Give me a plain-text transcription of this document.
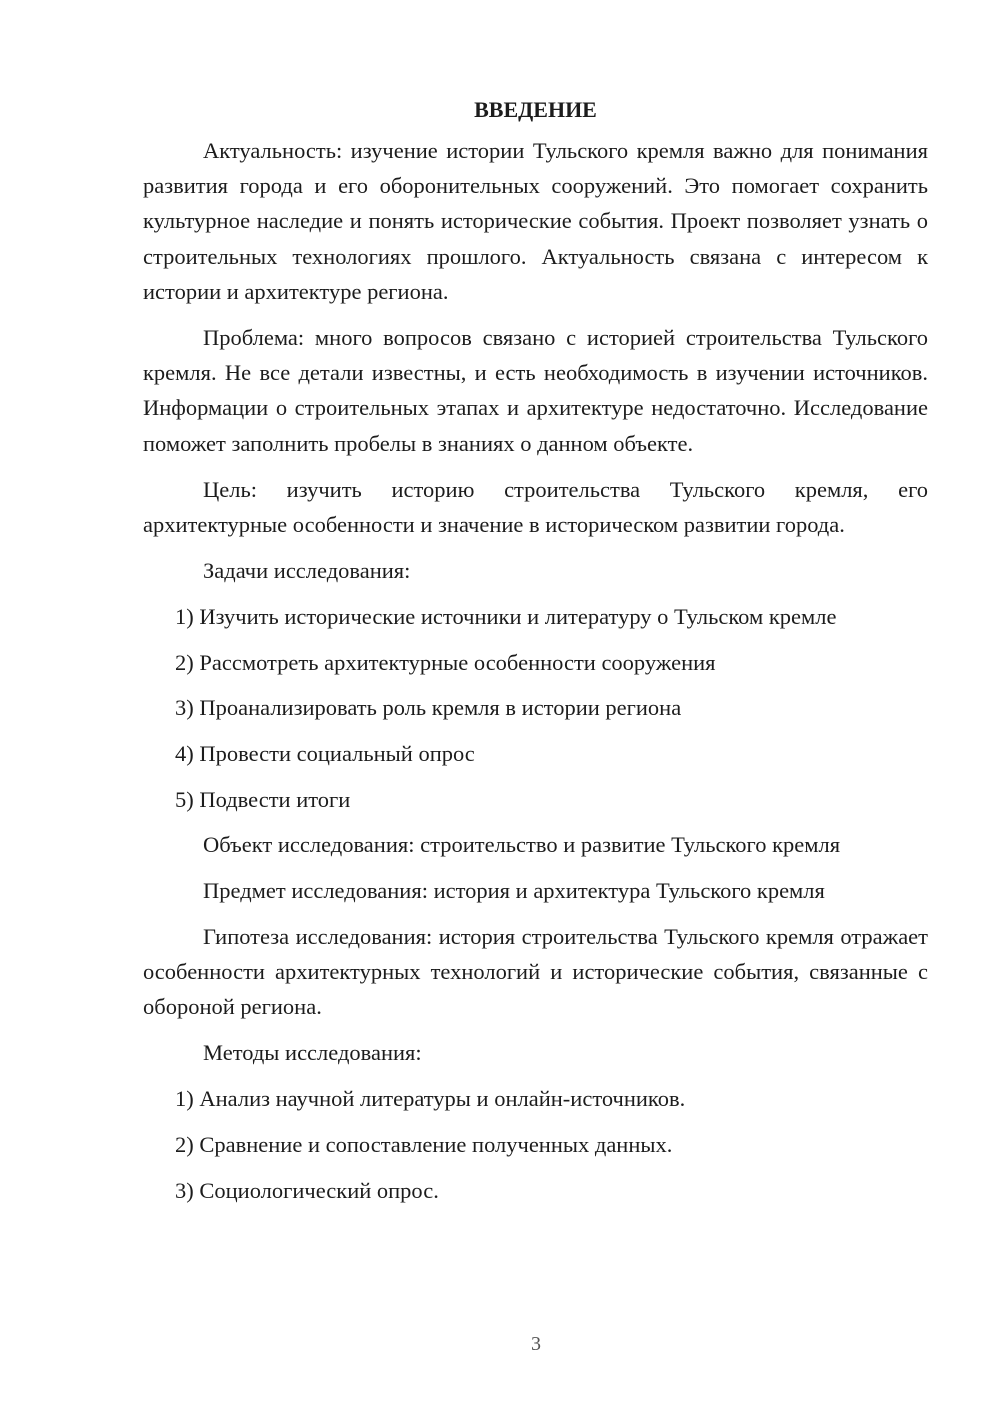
ВВЕДЕНИЕ

Актуальность: изучение истории Тульского кремля важно для понимания развития города и его оборонительных сооружений. Это помогает сохранить культурное наследие и понять исторические события. Проект позволяет узнать о строительных технологиях прошлого. Актуальность связана с интересом к истории и архитектуре региона.

Проблема: много вопросов связано с историей строительства Тульского кремля. Не все детали известны, и есть необходимость в изучении источников. Информации о строительных этапах и архитектуре недостаточно. Исследование поможет заполнить пробелы в знаниях о данном объекте.

Цель: изучить историю строительства Тульского кремля, его архитектурные особенности и значение в историческом развитии города.

Задачи исследования:

1) Изучить исторические источники и литературу о Тульском кремле

2) Рассмотреть архитектурные особенности сооружения

3) Проанализировать роль кремля в истории региона

4) Провести социальный опрос

5) Подвести итоги

Объект исследования: строительство и развитие Тульского кремля

Предмет исследования: история и архитектура Тульского кремля

Гипотеза исследования: история строительства Тульского кремля отражает особенности архитектурных технологий и исторические события, связанные с обороной региона.

Методы исследования:

1) Анализ научной литературы и онлайн-источников.

2) Сравнение и сопоставление полученных данных.

3) Социологический опрос.

3
